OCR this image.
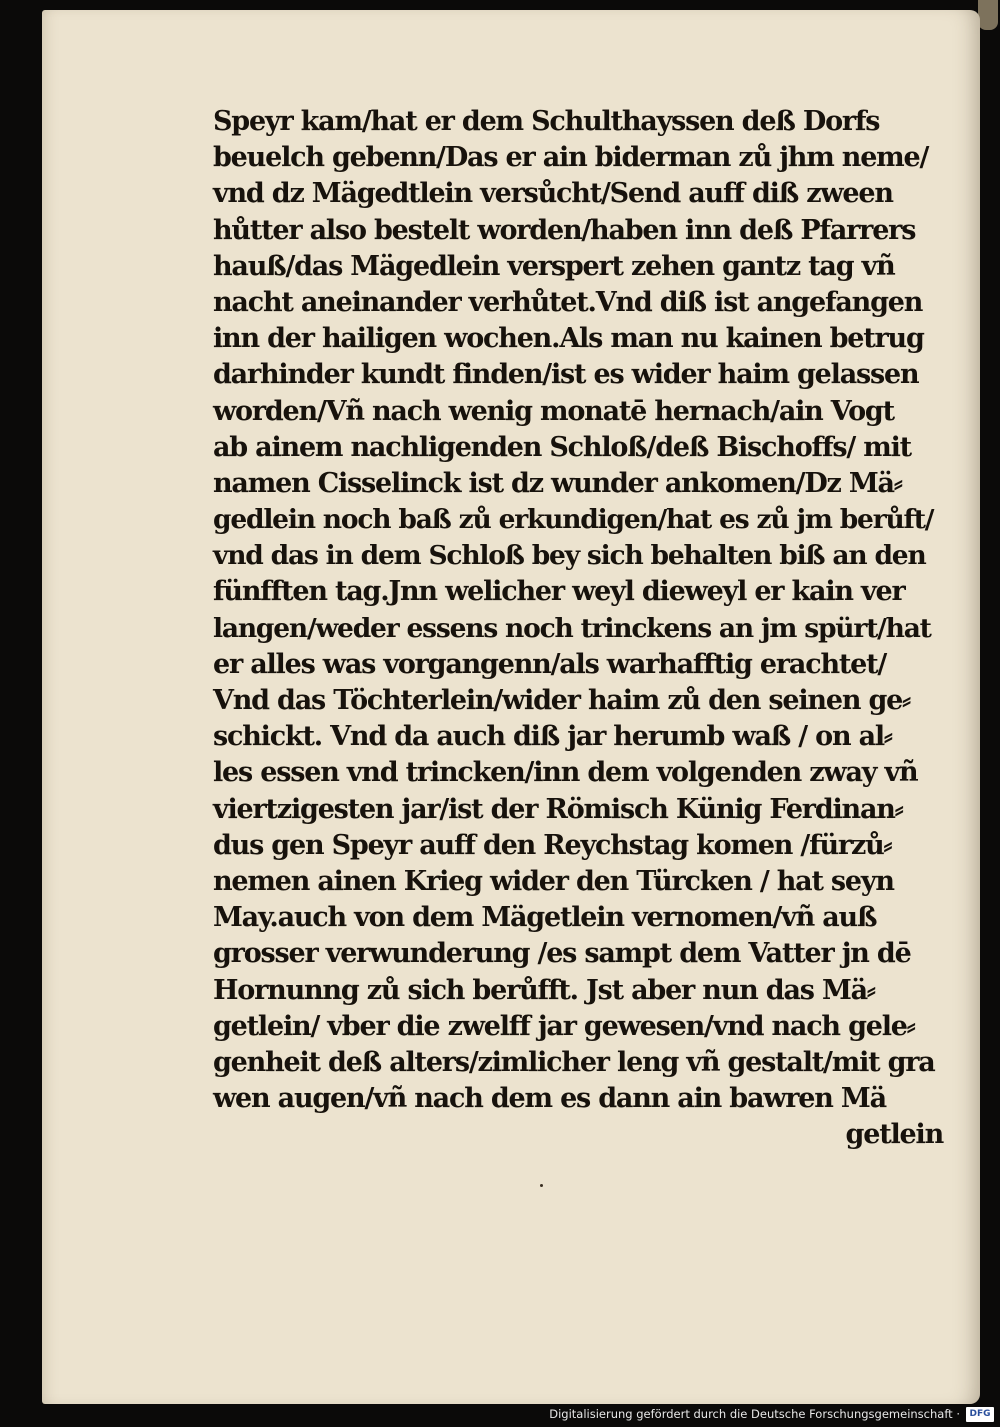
Speyr kam/hat er dem Schulthayssen deß Dorfs
beuelch gebenn/Das er ain biderman zů jhm neme/
vnd dz Mägedtlein versůcht/Send auff diß zween
hůtter also bestelt worden/haben inn deß Pfarrers
hauß/das Mägedlein verspert zehen gantz tag vñ
nacht aneinander verhůtet.Vnd diß ist angefangen
inn der hailigen wochen.Als man nu kainen betrug
darhinder kundt finden/ist es wider haim gelassen
worden/Vñ nach wenig monatē hernach/ain Vogt
ab ainem nachligenden Schloß/deß Bischoffs/ mit
namen Cisselinck ist dz wunder ankomen/Dz Mä⸗
gedlein noch baß zů erkundigen/hat es zů jm berůft/
vnd das in dem Schloß bey sich behalten biß an den
fünfften tag.Jnn welicher weyl dieweyl er kain ver
langen/weder essens noch trinckens an jm spürt/hat
er alles was vorgangenn/als warhafftig erachtet/
Vnd das Töchterlein/wider haim zů den seinen ge⸗
schickt. Vnd da auch diß jar herumb waß / on al⸗
les essen vnd trincken/inn dem volgenden zway vñ
viertzigesten jar/ist der Römisch Künig Ferdinan⸗
dus gen Speyr auff den Reychstag komen /fürzů⸗
nemen ainen Krieg wider den Türcken / hat seyn
May.auch von dem Mägetlein vernomen/vñ auß
grosser verwunderung /es sampt dem Vatter jn dē
Hornunng zů sich berůfft. Jst aber nun das Mä⸗
getlein/ vber die zwelff jar gewesen/vnd nach gele⸗
genheit deß alters/zimlicher leng vñ gestalt/mit gra
wen augen/vñ nach dem es dann ain bawren Mä
getlein
Digitalisierung gefördert durch die Deutsche Forschungsgemeinschaft ·	DFG
